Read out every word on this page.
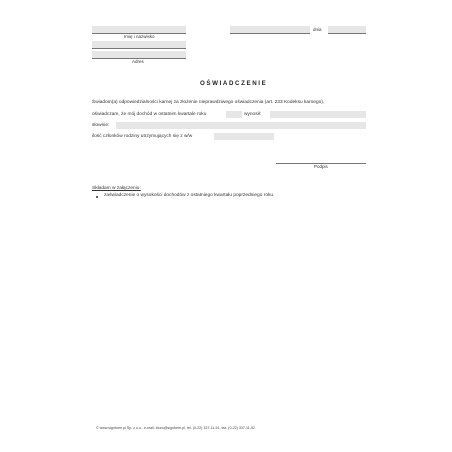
Imię i nazwisko
Adres
dnia
OŚWIADCZENIE
Świadom(a) odpowiedzialności karnej za złożenie nieprawdziwego oświadczenia (art. 233 Kodeksu karnego),
oświadczam, że mój dochód w ostatnim kwartale roku	wynosił:
słownie:
ilość członków rodziny utrzymujących się z w/w
Podpis
Składam w załączeniu:
zaświadczenie o wysokości dochodów z ostatniego kwartału poprzedniego roku.
© www.signform.pl Sp. z o.o., e-mail: biuro@signform.pl, tel. (0-22) 337-11-51, fax. (0-22) 337-11-52
